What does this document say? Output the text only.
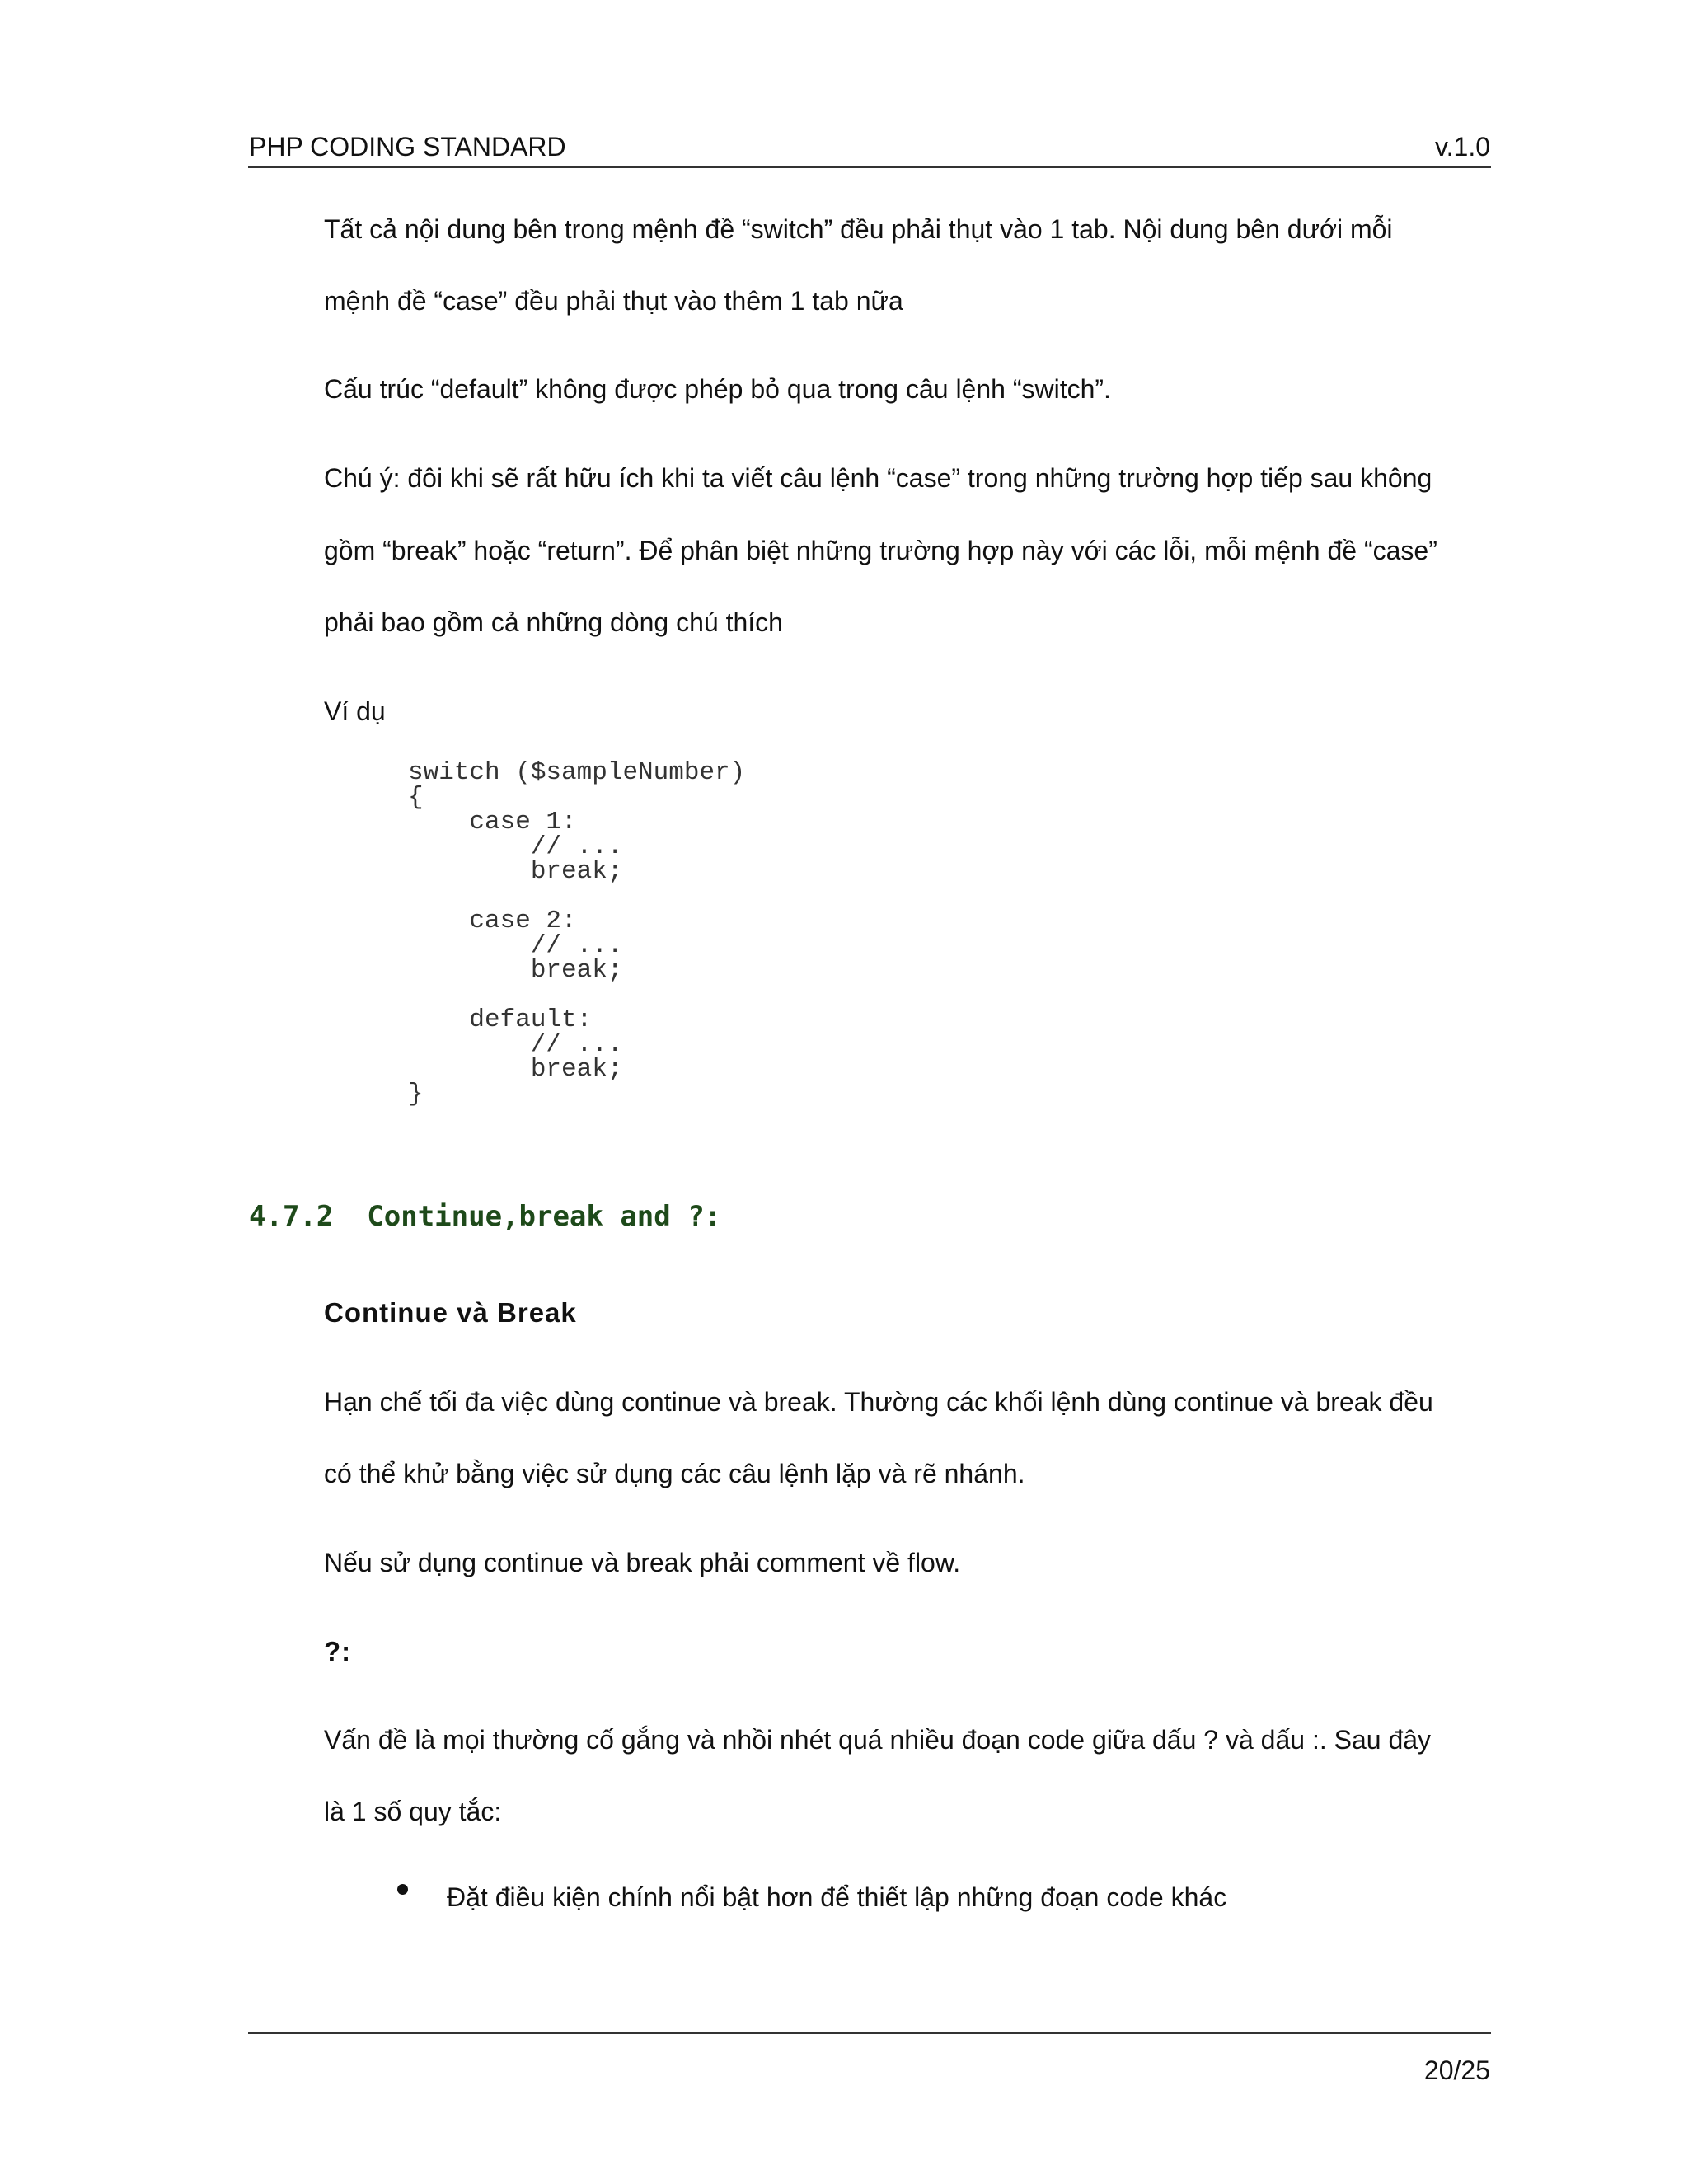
PHP CODING STANDARD	v.1.0
Tất cả nội dung bên trong mệnh đề “switch” đều phải thụt vào 1 tab. Nội dung bên dưới mỗi
mệnh đề “case” đều phải thụt vào thêm 1 tab nữa
Cấu trúc “default” không được phép bỏ qua trong câu lệnh “switch”.
Chú ý: đôi khi sẽ rất hữu ích khi ta viết câu lệnh “case” trong những trường hợp tiếp sau không
gồm “break” hoặc “return”. Để phân biệt những trường hợp này với các lỗi, mỗi mệnh đề “case”
phải bao gồm cả những dòng chú thích
Ví dụ
switch ($sampleNumber)
{
case 1:
// ...
break;

case 2:
// ...
break;

default:
// ...
break;
}
4.7.2  Continue,break and ?:
Continue và Break
Hạn chế tối đa việc dùng continue và break. Thường các khối lệnh dùng continue và break đều
có thể khử bằng việc sử dụng các câu lệnh lặp và rẽ nhánh.
Nếu sử dụng continue và break phải comment về flow.
?:
Vấn đề là mọi thường cố gắng và nhồi nhét quá nhiều đoạn code giữa dấu ? và dấu :. Sau đây
là 1 số quy tắc:
Đặt điều kiện chính nổi bật hơn để thiết lập những đoạn code khác
20/25
